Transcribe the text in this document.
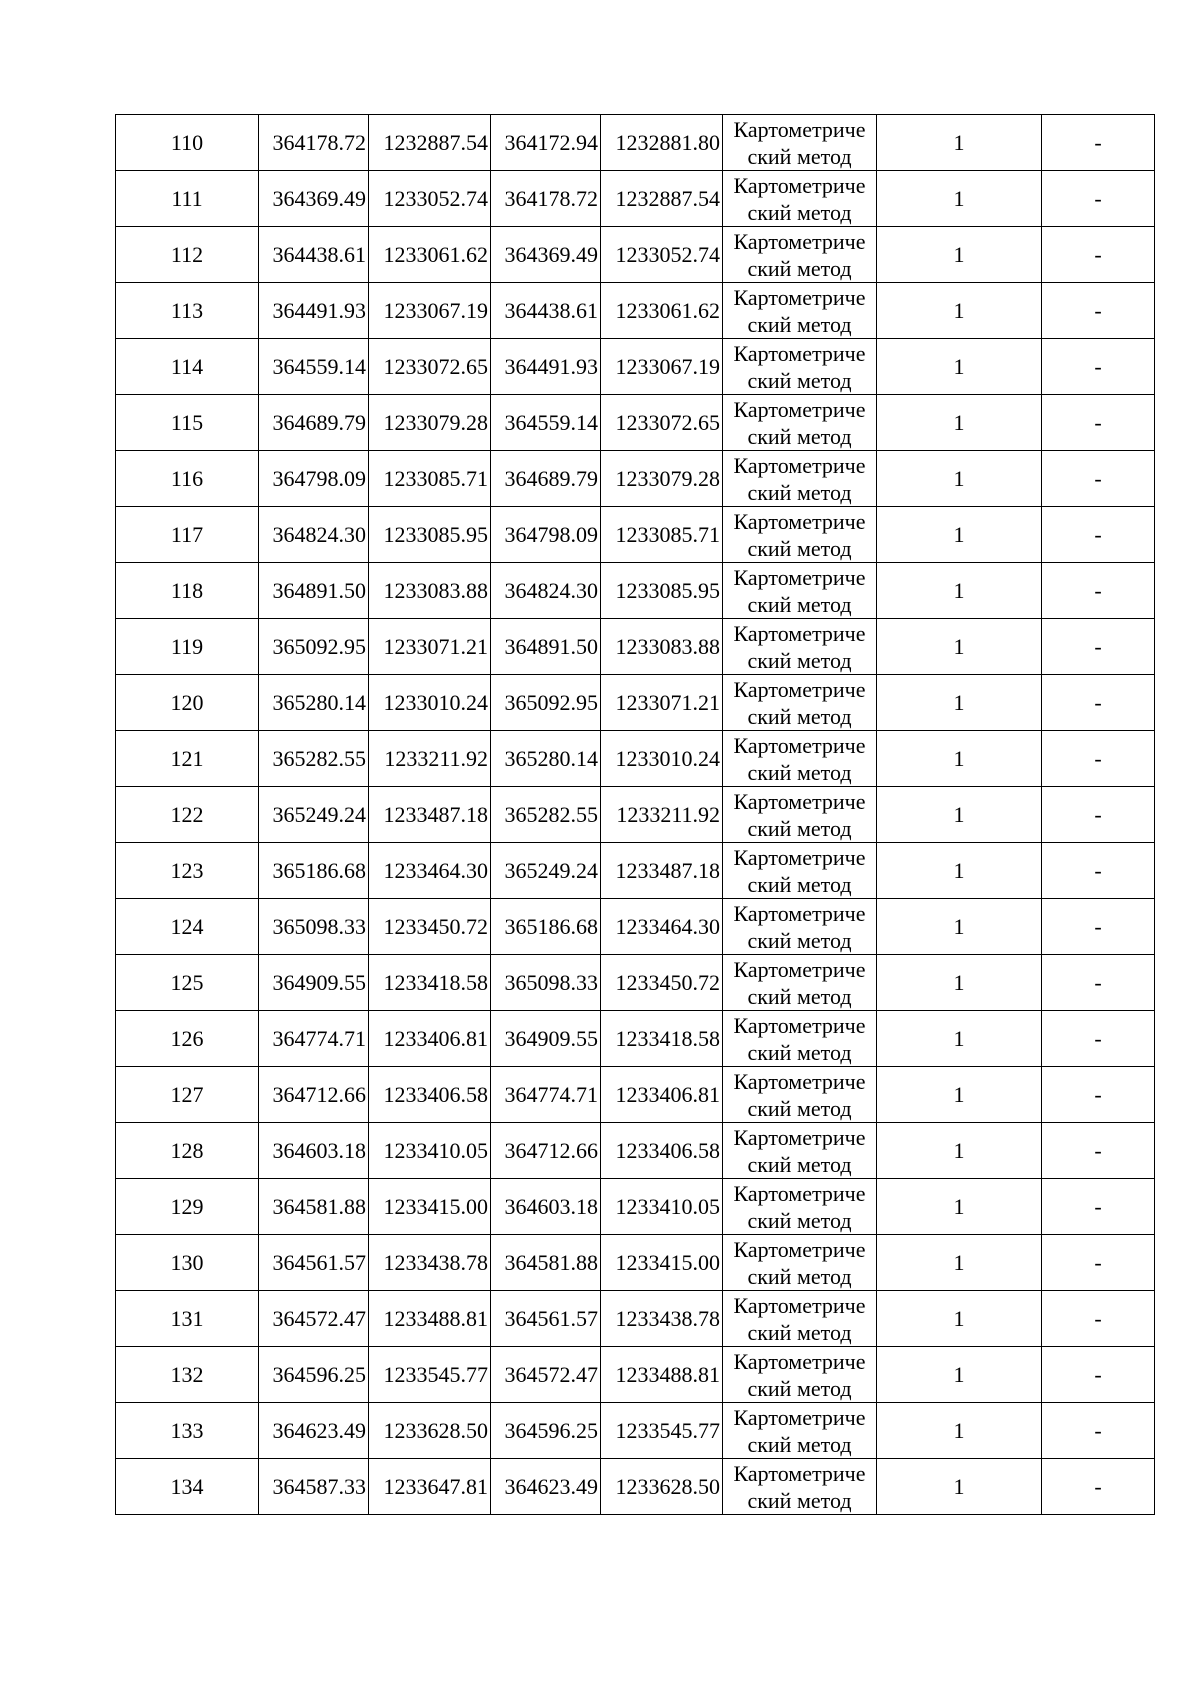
110	364178.72	1232887.54	364172.94	1232881.80	Картометриче
ский метод	1	-
111	364369.49	1233052.74	364178.72	1232887.54	Картометриче
ский метод	1	-
112	364438.61	1233061.62	364369.49	1233052.74	Картометриче
ский метод	1	-
113	364491.93	1233067.19	364438.61	1233061.62	Картометриче
ский метод	1	-
114	364559.14	1233072.65	364491.93	1233067.19	Картометриче
ский метод	1	-
115	364689.79	1233079.28	364559.14	1233072.65	Картометриче
ский метод	1	-
116	364798.09	1233085.71	364689.79	1233079.28	Картометриче
ский метод	1	-
117	364824.30	1233085.95	364798.09	1233085.71	Картометриче
ский метод	1	-
118	364891.50	1233083.88	364824.30	1233085.95	Картометриче
ский метод	1	-
119	365092.95	1233071.21	364891.50	1233083.88	Картометриче
ский метод	1	-
120	365280.14	1233010.24	365092.95	1233071.21	Картометриче
ский метод	1	-
121	365282.55	1233211.92	365280.14	1233010.24	Картометриче
ский метод	1	-
122	365249.24	1233487.18	365282.55	1233211.92	Картометриче
ский метод	1	-
123	365186.68	1233464.30	365249.24	1233487.18	Картометриче
ский метод	1	-
124	365098.33	1233450.72	365186.68	1233464.30	Картометриче
ский метод	1	-
125	364909.55	1233418.58	365098.33	1233450.72	Картометриче
ский метод	1	-
126	364774.71	1233406.81	364909.55	1233418.58	Картометриче
ский метод	1	-
127	364712.66	1233406.58	364774.71	1233406.81	Картометриче
ский метод	1	-
128	364603.18	1233410.05	364712.66	1233406.58	Картометриче
ский метод	1	-
129	364581.88	1233415.00	364603.18	1233410.05	Картометриче
ский метод	1	-
130	364561.57	1233438.78	364581.88	1233415.00	Картометриче
ский метод	1	-
131	364572.47	1233488.81	364561.57	1233438.78	Картометриче
ский метод	1	-
132	364596.25	1233545.77	364572.47	1233488.81	Картометриче
ский метод	1	-
133	364623.49	1233628.50	364596.25	1233545.77	Картометриче
ский метод	1	-
134	364587.33	1233647.81	364623.49	1233628.50	Картометриче
ский метод	1	-
